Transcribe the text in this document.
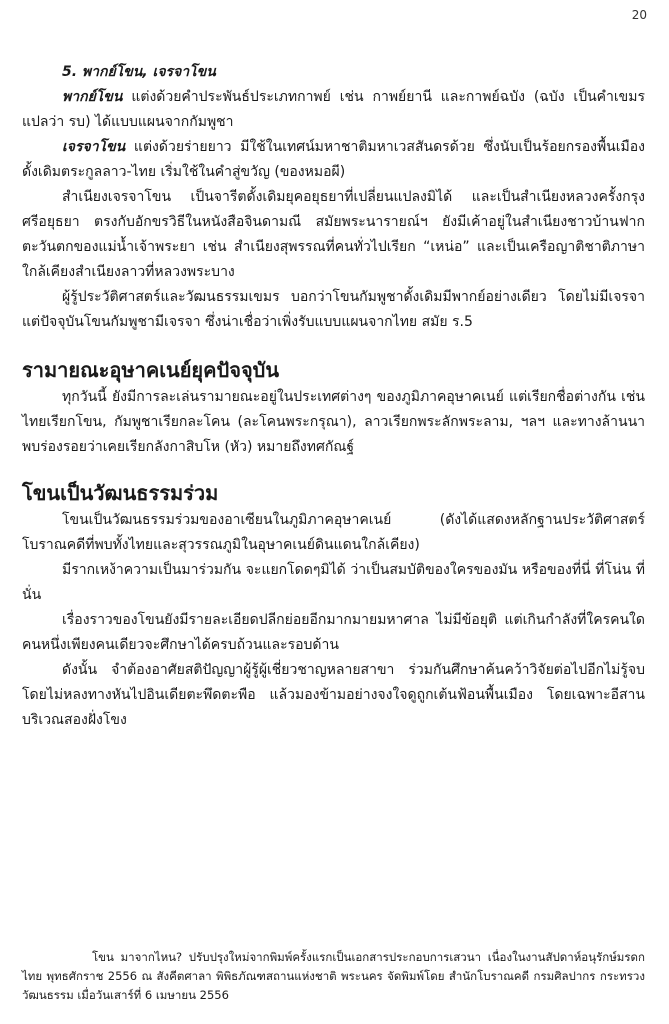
20

5. พากย์โขน, เจรจาโขน

พากย์โขน แต่งด้วยคำประพันธ์ประเภทกาพย์ เช่น กาพย์ยานี และกาพย์ฉบัง (ฉบัง เป็นคำเขมร แปลว่า รบ) ได้แบบแผนจากกัมพูชา

เจรจาโขน แต่งด้วยร่ายยาว มีใช้ในเทศน์มหาชาติมหาเวสสันดรด้วย ซึ่งนับเป็นร้อยกรองพื้นเมืองดั้งเดิมตระกูลลาว-ไทย เริ่มใช้ในคำสู่ขวัญ (ของหมอผี)

สำเนียงเจรจาโขน เป็นจารีตดั้งเดิมยุคอยุธยาที่เปลี่ยนแปลงมิได้ และเป็นสำเนียงหลวงครั้งกรุงศรีอยุธยา ตรงกับอักขรวิธีในหนังสือจินดามณี สมัยพระนารายณ์ฯ ยังมีเค้าอยู่ในสำเนียงชาวบ้านฟากตะวันตกของแม่น้ำเจ้าพระยา เช่น สำเนียงสุพรรณที่คนทั่วไปเรียก “เหน่อ” และเป็นเครือญาติชาติภาษาใกล้เคียงสำเนียงลาวที่หลวงพระบาง

ผู้รู้ประวัติศาสตร์และวัฒนธรรมเขมร บอกว่าโขนกัมพูชาดั้งเดิมมีพากย์อย่างเดียว โดยไม่มีเจรจา แต่ปัจจุบันโขนกัมพูชามีเจรจา ซึ่งน่าเชื่อว่าเพิ่งรับแบบแผนจากไทย สมัย ร.5

รามายณะอุษาคเนย์ยุคปัจจุบัน

ทุกวันนี้ ยังมีการละเล่นรามายณะอยู่ในประเทศต่างๆ ของภูมิภาคอุษาคเนย์ แต่เรียกชื่อต่างกัน เช่น ไทยเรียกโขน, กัมพูชาเรียกละโคน (ละโคนพระกรุณา), ลาวเรียกพระลักพระลาม, ฯลฯ และทางล้านนา พบร่องรอยว่าเคยเรียกลังกาสิบโห (หัว) หมายถึงทศกัณฐ์

โขนเป็นวัฒนธรรมร่วม

โขนเป็นวัฒนธรรมร่วมของอาเซียนในภูมิภาคอุษาคเนย์ (ดังได้แสดงหลักฐานประวัติศาสตร์โบราณคดีที่พบทั้งไทยและสุวรรณภูมิในอุษาคเนย์ดินแดนใกล้เคียง)

มีรากเหง้าความเป็นมาร่วมกัน จะแยกโดดๆมิได้ ว่าเป็นสมบัติของใครของมัน หรือของที่นี่ ที่โน่น ที่นั่น

เรื่องราวของโขนยังมีรายละเอียดปลีกย่อยอีกมากมายมหาศาล ไม่มีข้อยุติ แต่เกินกำลังที่ใครคนใดคนหนึ่งเพียงคนเดียวจะศึกษาได้ครบถ้วนและรอบด้าน

ดังนั้น จำต้องอาศัยสติปัญญาผู้รู้ผู้เชี่ยวชาญหลายสาขา ร่วมกันศึกษาค้นคว้าวิจัยต่อไปอีกไม่รู้จบ โดยไม่หลงทางหันไปอินเดียตะพึดตะพือ แล้วมองข้ามอย่างจงใจดูถูกเต้นฟ้อนพื้นเมือง โดยเฉพาะอีสานบริเวณสองฝั่งโขง

โขน มาจากไหน? ปรับปรุงใหม่จากพิมพ์ครั้งแรกเป็นเอกสารประกอบการเสวนา เนื่องในงานสัปดาห์อนุรักษ์มรดกไทย พุทธศักราช 2556 ณ สังคีตศาลา พิพิธภัณฑสถานแห่งชาติ พระนคร จัดพิมพ์โดย สำนักโบราณคดี กรมศิลปากร กระทรวงวัฒนธรรม เมื่อวันเสาร์ที่ 6 เมษายน 2556
